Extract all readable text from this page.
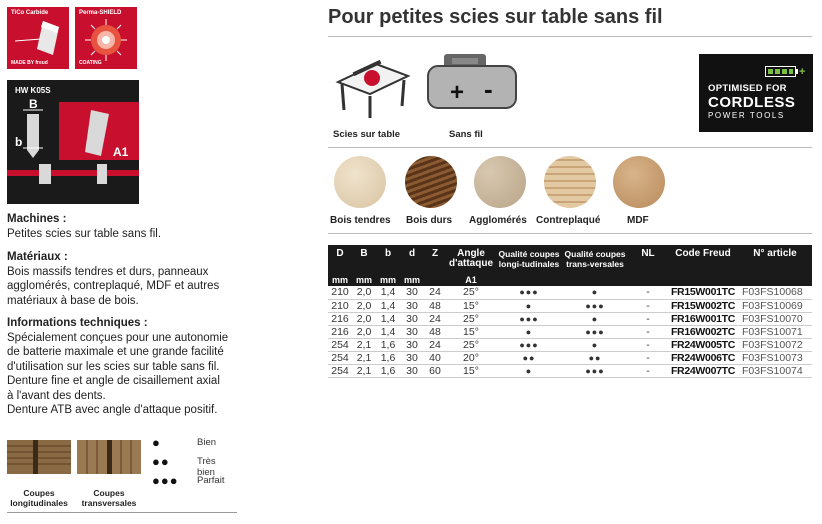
TiCo Carbide
MADE BY freud
Perma-SHIELD
COATING
HW K05S
B
b
A1
Machines :
Petites scies sur table sans fil.
Matériaux :
Bois massifs tendres et durs, panneaux
agglomérés, contreplaqué, MDF et autres
matériaux à base de bois.
Informations techniques :
Spécialement conçues pour une autonomie
de batterie maximale et une grande facilité
d'utilisation sur les scies sur table sans fil.
Denture fine et angle de cisaillement axial
à l'avant des dents.
Denture ATB avec angle d'attaque positif.
Coupes
longitudinales
Coupes
transversales
●	Bien
●●	Très bien
●●● Parfait
Pour petites scies sur table sans fil
+ -
Scies sur table	Sans fil
+
OPTIMISED FOR
CORDLESS
POWER TOOLS
Bois tendres Bois durs Agglomérés Contreplaqué	MDF
D	B	b	d	Z	Angle d'attaque	Qualité coupes longi-tudinales	Qualité coupes trans-versales	NL	Code Freud	N° article
mm	mm	mm	mm		A1					
210	2,0	1,4	30	24	25°	●●●	●	-	FR15W001TC	F03FS10068
210	2,0	1,4	30	48	15°	●	●●●	-	FR15W002TC	F03FS10069
216	2,0	1,4	30	24	25°	●●●	●	-	FR16W001TC	F03FS10070
216	2,0	1,4	30	48	15°	●	●●●	-	FR16W002TC	F03FS10071
254	2,1	1,6	30	24	25°	●●●	●	-	FR24W005TC	F03FS10072
254	2,1	1,6	30	40	20°	●●	●●	-	FR24W006TC	F03FS10073
254	2,1	1,6	30	60	15°	●	●●●	-	FR24W007TC	F03FS10074
